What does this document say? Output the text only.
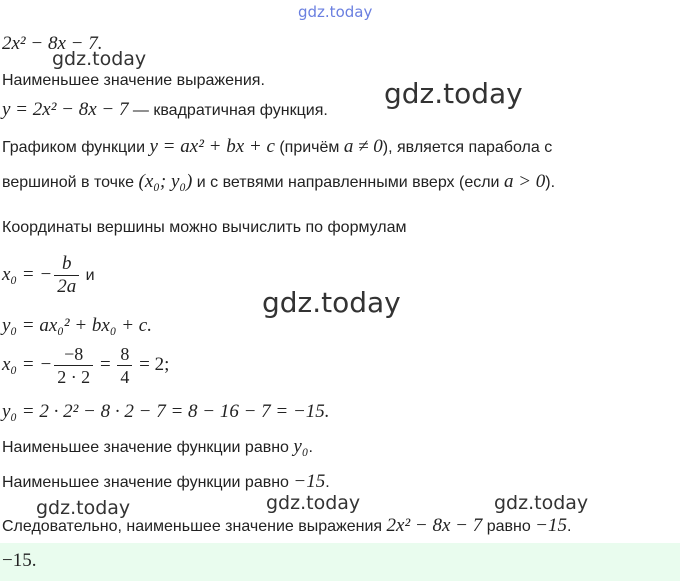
gdz.today
2x² − 8x − 7.
gdz.today
Наименьшее значение выражения.
y = 2x² − 8x − 7 — квадратичная функция.
gdz.today
Графиком функции y = ax² + bx + c (причём a ≠ 0), является парабола с
вершиной в точке (x₀; y₀) и с ветвями направленными вверх (если a > 0).
Координаты вершины можно вычислить по формулам
x₀ = − $\frac{b}{2a}$ и
gdz.today
y₀ = ax₀² + bx₀ + c.
x₀ = − $\frac{-8}{2 \cdot 2} = \frac{8}{4} = 2$;
y₀ = 2 · 2² − 8 · 2 − 7 = 8 − 16 − 7 = −15.
Наименьшее значение функции равно y₀.
Наименьшее значение функции равно −15.
gdz.today	gdz.today	gdz.today
Следовательно, наименьшее значение выражения 2x² − 8x − 7 равно −15.
−15.
